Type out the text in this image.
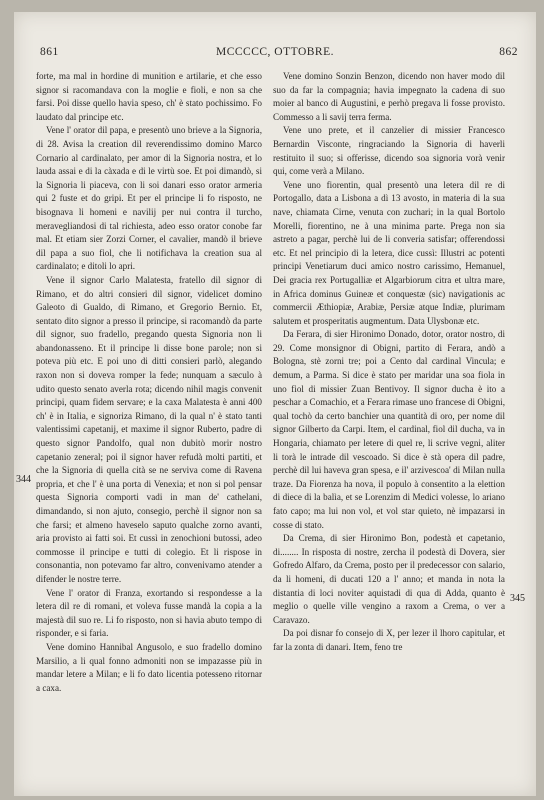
861	MCCCCC, OTTOBRE.	862

forte, ma mal in hordine di munition e artilarie, et che esso signor si racomandava con la moglie e fioli, e non sa che farsi. Poi disse quello havia speso, ch' è stato pochissimo. Fo laudato dal principe etc.

Vene l' orator dil papa, e presentò uno brieve a la Signoria, di 28. Avisa la creation dil reverendissimo domino Marco Cornario al cardinalato, per amor di la Signoria nostra, et lo lauda assai e di la càxada e di le virtù soe. Et poi dimandò, si la Signoria li piaceva, con li soi danari esso orator armeria qui 2 fuste et do gripi. Et per el principe li fo risposto, ne bisognava li homeni e navilij per nui contra il turcho, meravegliandosi di tal richiesta, adeo esso orator conobe far mal. Et etiam sier Zorzi Corner, el cavalier, mandò il brieve dil papa a suo fiol, che li notifichava la creation sua al cardinalato; e ditoli lo apri.

Vene il signor Carlo Malatesta, fratello dil signor di Rimano, et do altri consieri dil signor, videlicet domino Galeoto di Gualdo, di Rimano, et Gregorio Bernio. Et, sentato dito signor a presso il principe, si racomandò da parte dil signor, suo fradello, pregando questa Signoria non li abandonasseno. Et il principe li disse bone parole; non si poteva più etc. E poi uno di ditti consieri parlò, alegando raxon non si doveva romper la fede; nunquam a sæculo à udito questo senato averla rota; dicendo nihil magis convenit principi, quam fidem servare; e la caxa Malatesta è anni 400 ch' è in Italia, e signoriza Rimano, di la qual n' è stato tanti valentissimi capetanij, et maxime il signor Ruberto, padre di questo signor Pandolfo, qual non dubitò morir nostro capetanio zeneral; poi il signor haver refudà molti partiti, et che la Signoria di quella cità se ne serviva come di Ravena propria, et che l' è una porta di Venexia; et non si pol pensar questa Signoria comporti vadi in man de' cathelani, dimandando, si non ajuto, consegio, perchè il signor non sa che farsi; et almeno haveselo saputo qualche zorno avanti, aria provisto ai fatti soi. Et cussì in zenochioni butossi, adeo commosse il principe e tutti di colegio. Et li rispose in consonantia, non potevamo far altro, convenivamo atender a difender le nostre terre.

Vene l' orator di Franza, exortando si respondesse a la letera dil re di romani, et voleva fusse mandà la copia a la majestà dil suo re. Li fo risposto, non si havia abuto tempo di risponder, e si faria.

Vene domino Hannibal Angusolo, e suo fradello domino Marsilio, a li qual fonno admoniti non se impazasse più in mandar letere a Milan; e li fo dato licentia potesseno ritornar a caxa.

Vene domino Sonzin Benzon, dicendo non haver modo dil suo da far la compagnia; havia impegnato la cadena di suo moier al banco di Augustini, e perhò pregava li fosse provisto. Commesso a li savij terra ferma.

Vene uno prete, et il canzelier di missier Francesco Bernardin Visconte, ringraciando la Signoria di haverli restituito il suo; si offerisse, dicendo soa signoria vorà venir qui, come verà a Milano.

Vene uno fiorentin, qual presentò una letera dil re di Portogallo, data a Lisbona a dì 13 avosto, in materia di la sua nave, chiamata Cirne, venuta con zuchari; in la qual Bortolo Morelli, fiorentino, ne à una minima parte. Prega non sia astreto a pagar, perchè lui de li converia satisfar; offerendossi etc. Et nel principio di la letera, dice cussì: Illustri ac potenti principi Venetiarum duci amico nostro carissimo, Hemanuel, Dei gracia rex Portugalliæ et Algarbiorum citra et ultra mare, in Africa dominus Guineæ et conquestæ (sic) navigationis ac commercii Æthiopiæ, Arabiæ, Persiæ atque Indiæ, plurimam salutem et prosperitatis augmentum. Data Ulysbonæ etc.

Da Ferara, di sier Hironimo Donado, dotor, orator nostro, di 29. Come monsignor di Obigni, partito di Ferara, andò a Bologna, stè zorni tre; poi a Cento dal cardinal Vincula; e demum, a Parma. Si dice è stato per maridar una soa fiola in uno fiol di missier Zuan Bentivoy. Il signor ducha è ito a peschar a Comachio, et a Ferara rimase uno francese di Obigni, qual tochò da certo banchier una quantità di oro, per nome dil signor Gilberto da Carpi. Item, el cardinal, fiol dil ducha, va in Hongaria, chiamato per letere di quel re, li scrive vegni, aliter li torà le intrade dil vescoado. Si dice è stà opera dil padre, perchè dil lui haveva gran spesa, e il' arzivescoa' di Milan nulla traze. Da Fiorenza ha nova, il populo à consentito a la elettion di diece di la balìa, et se Lorenzim di Medici volesse, lo ariano fato capo; ma lui non vol, et vol star quieto, nè impazarsi in cosse di stato.

Da Crema, di sier Hironimo Bon, podestà et capetanio, di........ In risposta di nostre, zercha il podestà di Dovera, sier Gofredo Alfaro, da Crema, posto per il predecessor con salario, da li homeni, di ducati 120 a l' anno; et manda in nota la distantia di loci noviter aquistadi di qua di Adda, quanto è meglio o quelle ville vengino a raxom a Crema, o ver a Caravazo.

Da poi disnar fo consejo di X, per lezer il lhoro capitular, et far la zonta di danari. Item, feno tre

344
345
